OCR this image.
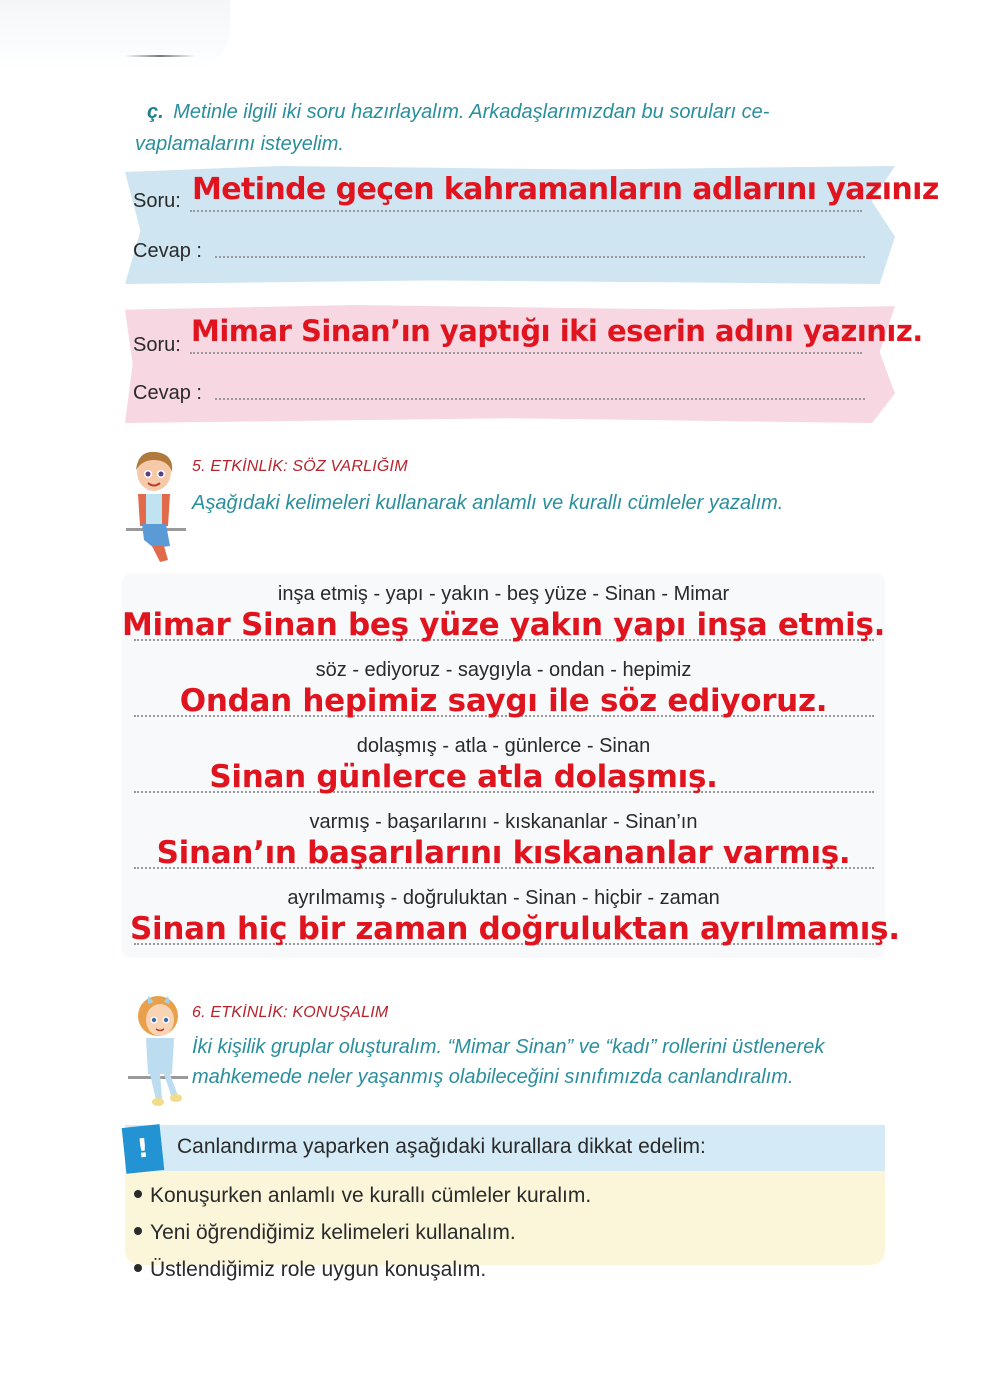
ç. Metinle ilgili iki soru hazırlayalım. Arkadaşlarımızdan bu soruları ce-
vaplamalarını isteyelim.
Soru: Metinde geçen kahramanların adlarını yazınız
Cevap :
Soru: Mimar Sinan’ın yaptığı iki eserin adını yazınız.
Cevap :
5. ETKİNLİK: SÖZ VARLIĞIM
Aşağıdaki kelimeleri kullanarak anlamlı ve kurallı cümleler yazalım.
inşa etmiş - yapı - yakın - beş yüze - Sinan - Mimar
Mimar Sinan beş yüze yakın yapı inşa etmiş.
söz - ediyoruz - saygıyla - ondan - hepimiz
Ondan hepimiz saygı ile söz ediyoruz.
dolaşmış - atla - günlerce - Sinan
Sinan günlerce atla dolaşmış.
varmış - başarılarını - kıskananlar - Sinan’ın
Sinan’ın başarılarını kıskananlar varmış.
ayrılmamış - doğruluktan - Sinan - hiçbir - zaman
Sinan hiç bir zaman doğruluktan ayrılmamış.
6. ETKİNLİK: KONUŞALIM
İki kişilik gruplar oluşturalım. “Mimar Sinan” ve “kadı” rollerini üstlenerek
mahkemede neler yaşanmış olabileceğini sınıfımızda canlandıralım.
!	Canlandırma yaparken aşağıdaki kurallara dikkat edelim:
Konuşurken anlamlı ve kurallı cümleler kuralım.
Yeni öğrendiğimiz kelimeleri kullanalım.
Üstlendiğimiz role uygun konuşalım.
